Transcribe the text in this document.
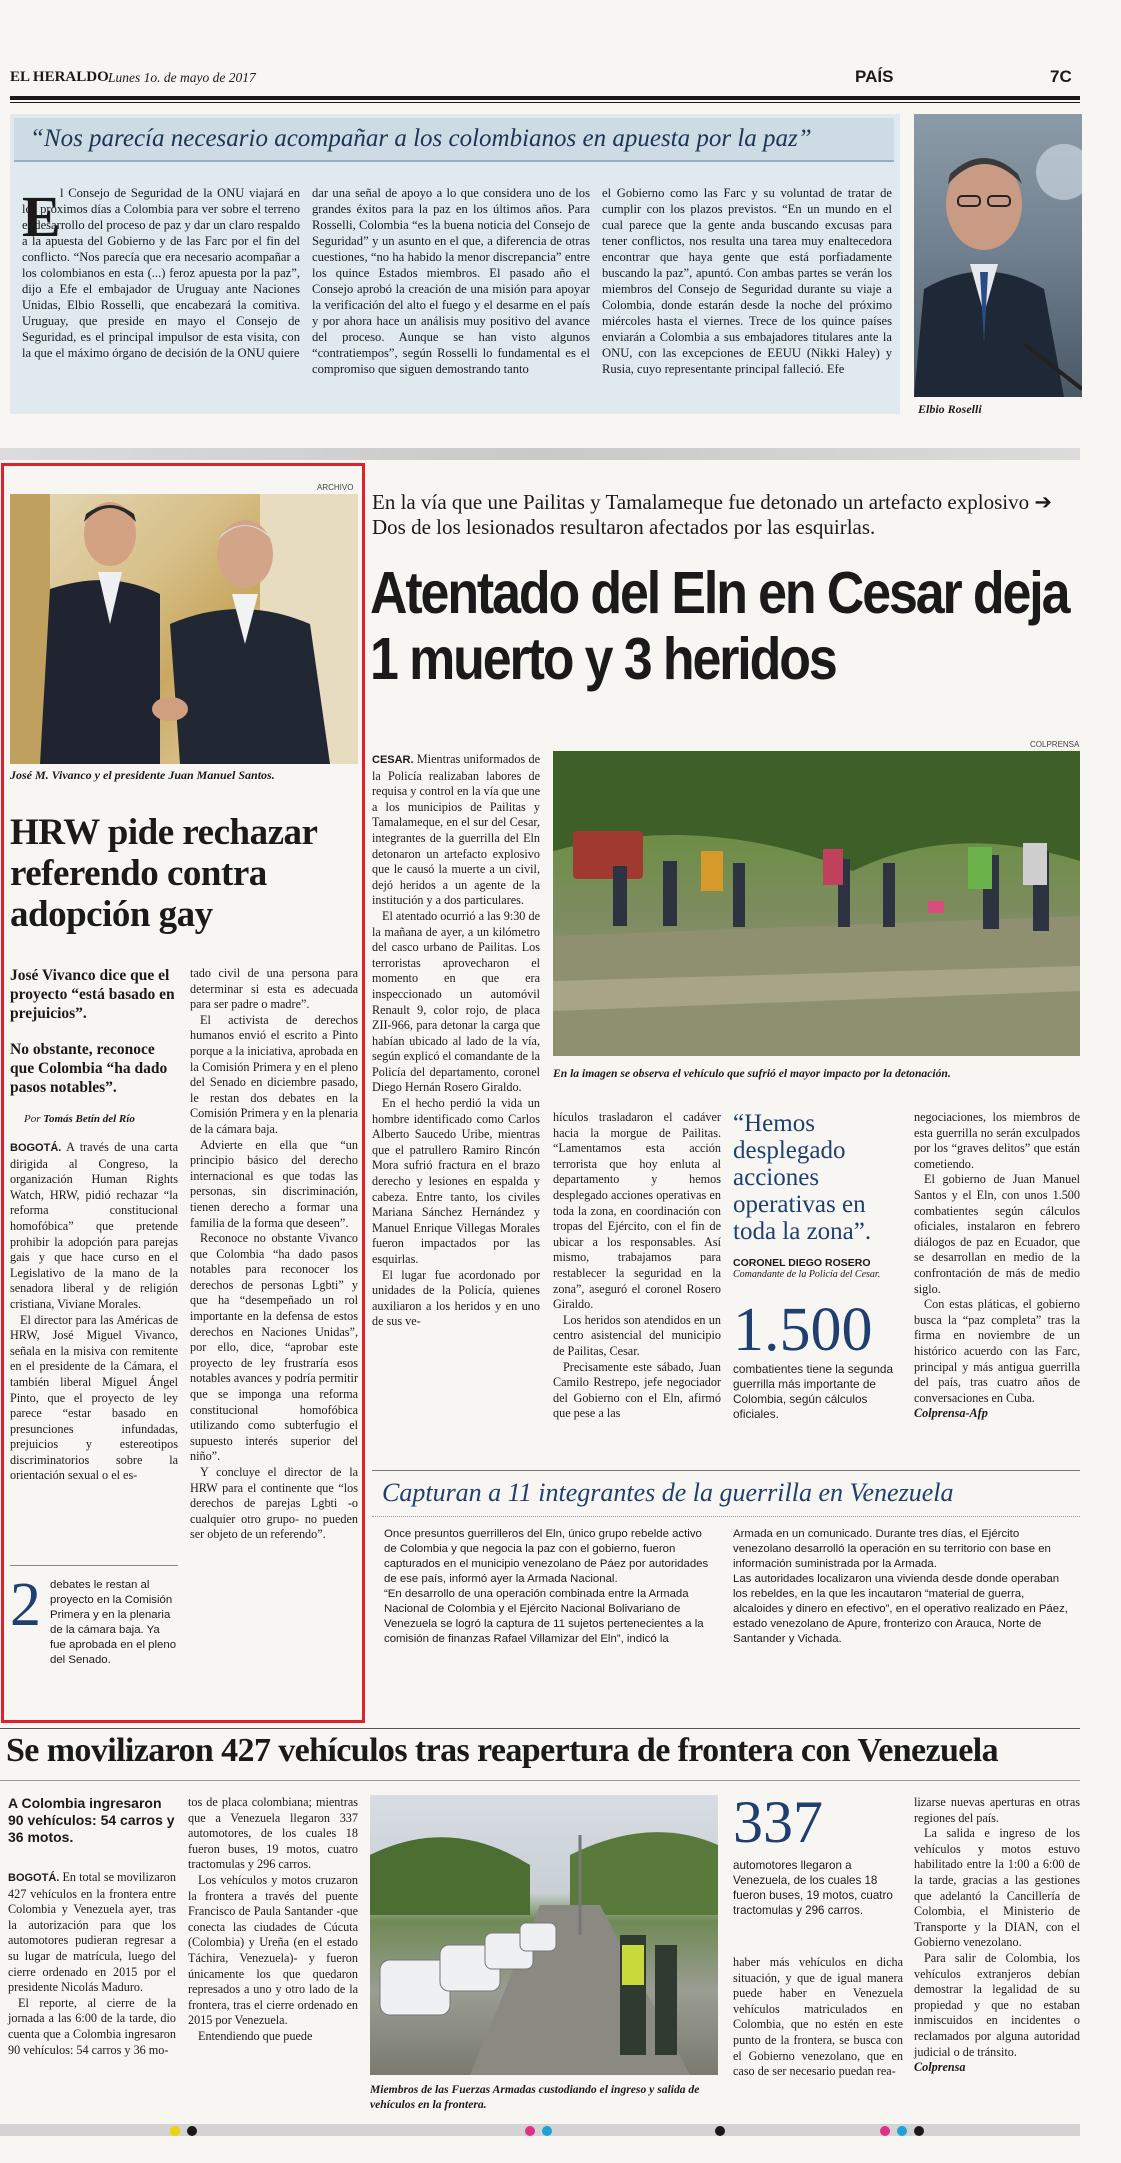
EL HERALDO Lunes 1o. de mayo de 2017	PAÍS	7C
“Nos parecía necesario acompañar a los colombianos en apuesta por la paz”
E l Consejo de Seguridad de la ONU viajará en los próximos días a Colombia para ver sobre el terreno el desarrollo del proceso de paz y dar un claro respaldo a la apuesta del Gobierno y de las Farc por el fin del conflicto. “Nos parecía que era necesario acompañar a los colombianos en esta (...) feroz apuesta por la paz”, dijo a Efe el embajador de Uruguay ante Naciones Unidas, Elbio Rosselli, que encabezará la comitiva. Uruguay, que preside en mayo el Consejo de Seguridad, es el principal impulsor de esta visita, con la que el máximo órgano de decisión de la ONU quiere
dar una señal de apoyo a lo que considera uno de los grandes éxitos para la paz en los últimos años. Para Rosselli, Colombia “es la buena noticia del Consejo de Seguridad” y un asunto en el que, a diferencia de otras cuestiones, “no ha habido la menor discrepancia” entre los quince Estados miembros. El pasado año el Consejo aprobó la creación de una misión para apoyar la verificación del alto el fuego y el desarme en el país y por ahora hace un análisis muy positivo del avance del proceso. Aunque se han visto algunos “contratiempos”, según Rosselli lo fundamental es el compromiso que siguen demostrando tanto
el Gobierno como las Farc y su voluntad de tratar de cumplir con los plazos previstos. “En un mundo en el cual parece que la gente anda buscando excusas para tener conflictos, nos resulta una tarea muy enaltecedora encontrar que haya gente que está porfiadamente buscando la paz”, apuntó. Con ambas partes se verán los miembros del Consejo de Seguridad durante su viaje a Colombia, donde estarán desde la noche del próximo miércoles hasta el viernes. Trece de los quince países enviarán a Colombia a sus embajadores titulares ante la ONU, con las excepciones de EEUU (Nikki Haley) y Rusia, cuyo representante principal falleció. Efe
Elbio Roselli
ARCHIVO
José M. Vivanco y el presidente Juan Manuel Santos.
HRW pide rechazar referendo contra adopción gay
José Vivanco dice que el proyecto “está basado en prejuicios”.
No obstante, reconoce que Colombia “ha dado pasos notables”.
Por Tomás Betín del Río

BOGOTÁ. A través de una carta dirigida al Congreso, la organización Human Rights Watch, HRW, pidió rechazar “la reforma constitucional homofóbica” que pretende prohibir la adopción para parejas gais y que hace curso en el Legislativo de la mano de la senadora liberal y de religión cristiana, Viviane Morales.

El director para las Américas de HRW, José Miguel Vivanco, señala en la misiva con remitente en el presidente de la Cámara, el también liberal Miguel Ángel Pinto, que el proyecto de ley parece “estar basado en presunciones infundadas, prejuicios y estereotipos discriminatorios sobre la orientación sexual o el es-

tado civil de una persona para determinar si esta es adecuada para ser padre o madre”.

El activista de derechos humanos envió el escrito a Pinto porque a la iniciativa, aprobada en la Comisión Primera y en el pleno del Senado en diciembre pasado, le restan dos debates en la Comisión Primera y en la plenaria de la cámara baja.

Advierte en ella que “un principio básico del derecho internacional es que todas las personas, sin discriminación, tienen derecho a formar una familia de la forma que deseen”.

Reconoce no obstante Vivanco que Colombia “ha dado pasos notables para reconocer los derechos de personas Lgbti” y que ha “desempeñado un rol importante en la defensa de estos derechos en Naciones Unidas”, por ello, dice, “aprobar este proyecto de ley frustraría esos notables avances y podría permitir que se imponga una reforma constitucional homofóbica utilizando como subterfugio el supuesto interés superior del niño”.

Y concluye el director de la HRW para el continente que “los derechos de parejas Lgbti -o cualquier otro grupo- no pueden ser objeto de un referendo”.

2 debates le restan al proyecto en la Comisión Primera y en la plenaria de la cámara baja. Ya fue aprobada en el pleno del Senado.
En la vía que une Pailitas y Tamalameque fue detonado un artefacto explosivo ➔ Dos de los lesionados resultaron afectados por las esquirlas.
Atentado del Eln en Cesar deja 1 muerto y 3 heridos
COLPRENSA
En la imagen se observa el vehículo que sufrió el mayor impacto por la detonación.

CESAR. Mientras uniformados de la Policía realizaban labores de requisa y control en la vía que une a los municipios de Pailitas y Tamalameque, en el sur del Cesar, integrantes de la guerrilla del Eln detonaron un artefacto explosivo que le causó la muerte a un civil, dejó heridos a un agente de la institución y a dos particulares.

El atentado ocurrió a las 9:30 de la mañana de ayer, a un kilómetro del casco urbano de Pailitas. Los terroristas aprovecharon el momento en que era inspeccionado un automóvil Renault 9, color rojo, de placa ZII-966, para detonar la carga que habían ubicado al lado de la vía, según explicó el comandante de la Policía del departamento, coronel Diego Hernán Rosero Giraldo.

En el hecho perdió la vida un hombre identificado como Carlos Alberto Saucedo Uribe, mientras que el patrullero Ramiro Rincón Mora sufrió fractura en el brazo derecho y lesiones en espalda y cabeza. Entre tanto, los civiles Mariana Sánchez Hernández y Manuel Enrique Villegas Morales fueron impactados por las esquirlas.

El lugar fue acordonado por unidades de la Policía, quienes auxiliaron a los heridos y en uno de sus ve-

hículos trasladaron el cadáver hacia la morgue de Pailitas. “Lamentamos esta acción terrorista que hoy enluta al departamento y hemos desplegado acciones operativas en toda la zona, en coordinación con tropas del Ejército, con el fin de ubicar a los responsables. Así mismo, trabajamos para restablecer la seguridad en la zona”, aseguró el coronel Rosero Giraldo.

Los heridos son atendidos en un centro asistencial del municipio de Pailitas, Cesar.

Precisamente este sábado, Juan Camilo Restrepo, jefe negociador del Gobierno con el Eln, afirmó que pese a las

“Hemos desplegado acciones operativas en toda la zona”.
CORONEL DIEGO ROSERO
Comandante de la Policía del Cesar.
1.500
combatientes tiene la segunda guerrilla más importante de Colombia, según cálculos oficiales.

negociaciones, los miembros de esta guerrilla no serán exculpados por los “graves delitos” que están cometiendo.

El gobierno de Juan Manuel Santos y el Eln, con unos 1.500 combatientes según cálculos oficiales, instalaron en febrero diálogos de paz en Ecuador, que se desarrollan en medio de la confrontación de más de medio siglo.

Con estas pláticas, el gobierno busca la “paz completa” tras la firma en noviembre de un histórico acuerdo con las Farc, principal y más antigua guerrilla del país, tras cuatro años de conversaciones en Cuba.

Colprensa-Afp

Capturan a 11 integrantes de la guerrilla en Venezuela
Once presuntos guerrilleros del Eln, único grupo rebelde activo de Colombia y que negocia la paz con el gobierno, fueron capturados en el municipio venezolano de Páez por autoridades de ese país, informó ayer la Armada Nacional.
“En desarrollo de una operación combinada entre la Armada Nacional de Colombia y el Ejército Nacional Bolivariano de Venezuela se logró la captura de 11 sujetos pertenecientes a la comisión de finanzas Rafael Villamizar del Eln”, indicó la
Armada en un comunicado. Durante tres días, el Ejército venezolano desarrolló la operación en su territorio con base en información suministrada por la Armada.
Las autoridades localizaron una vivienda desde donde operaban los rebeldes, en la que les incautaron “material de guerra, alcaloides y dinero en efectivo”, en el operativo realizado en Páez, estado venezolano de Apure, fronterizo con Arauca, Norte de Santander y Vichada.
Se movilizaron 427 vehículos tras reapertura de frontera con Venezuela
A Colombia ingresaron 90 vehículos: 54 carros y 36 motos.

BOGOTÁ. En total se movilizaron 427 vehículos en la frontera entre Colombia y Venezuela ayer, tras la autorización para que los automotores pudieran regresar a su lugar de matrícula, luego del cierre ordenado en 2015 por el presidente Nicolás Maduro.

El reporte, al cierre de la jornada a las 6:00 de la tarde, dio cuenta que a Colombia ingresaron 90 vehículos: 54 carros y 36 mo-

tos de placa colombiana; mientras que a Venezuela llegaron 337 automotores, de los cuales 18 fueron buses, 19 motos, cuatro tractomulas y 296 carros.

Los vehículos y motos cruzaron la frontera a través del puente Francisco de Paula Santander -que conecta las ciudades de Cúcuta (Colombia) y Ureña (en el estado Táchira, Venezuela)- y fueron únicamente los que quedaron represados a uno y otro lado de la frontera, tras el cierre ordenado en 2015 por Venezuela.

Entendiendo que puede

Miembros de las Fuerzas Armadas custodiando el ingreso y salida de vehículos en la frontera.
337
automotores llegaron a Venezuela, de los cuales 18 fueron buses, 19 motos, cuatro tractomulas y 296 carros.

haber más vehículos en dicha situación, y que de igual manera puede haber en Venezuela vehículos matriculados en Colombia, que no estén en este punto de la frontera, se busca con el Gobierno venezolano, que en caso de ser necesario puedan rea-

lizarse nuevas aperturas en otras regiones del país.

La salida e ingreso de los vehículos y motos estuvo habilitado entre la 1:00 a 6:00 de la tarde, gracias a las gestiones que adelantó la Cancillería de Colombia, el Ministerio de Transporte y la DIAN, con el Gobierno venezolano.

Para salir de Colombia, los vehículos extranjeros debían demostrar la legalidad de su propiedad y que no estaban inmiscuidos en incidentes o reclamados por alguna autoridad judicial o de tránsito.

Colprensa
